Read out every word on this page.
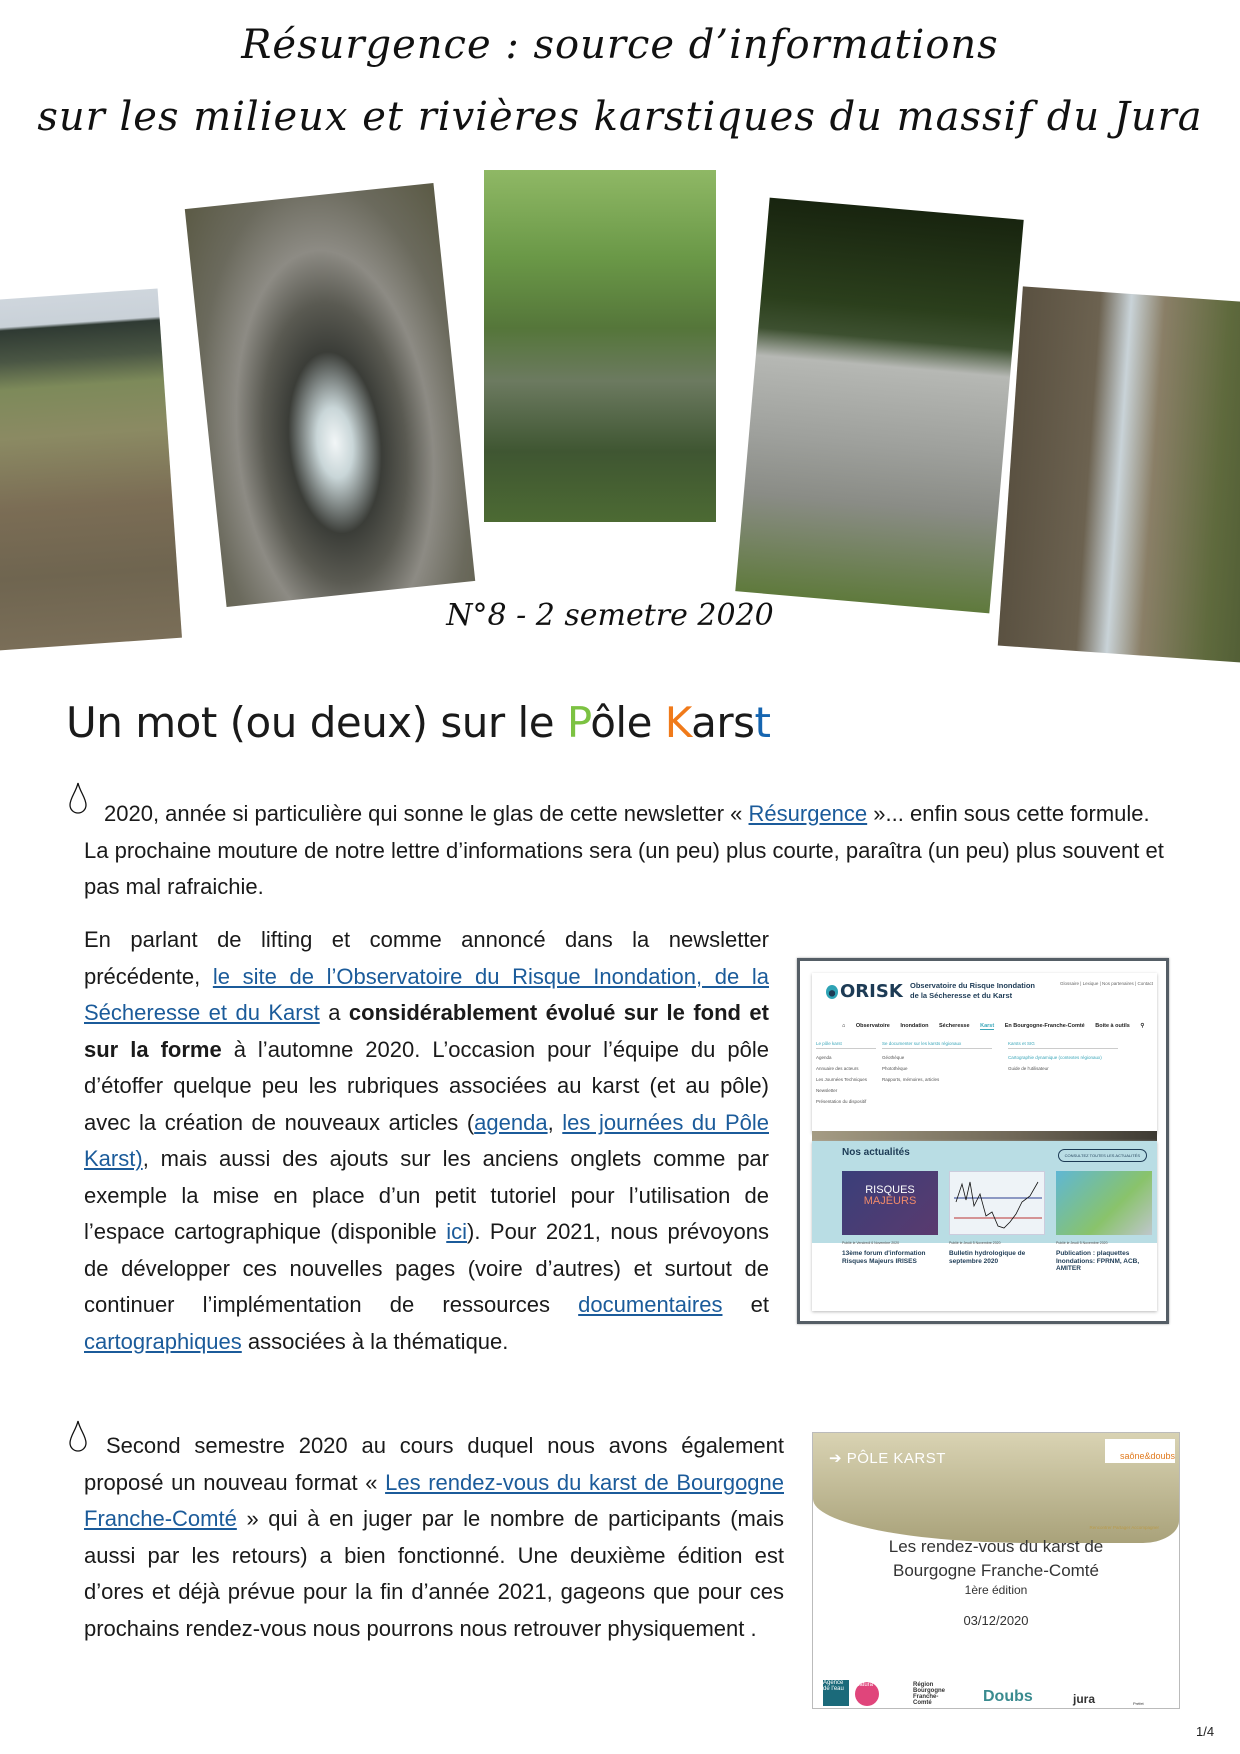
Résurgence : source d’informations
sur les milieux et rivières karstiques du massif du Jura
N°8 - 2 semetre 2020
Un mot (ou deux) sur le Pôle Karst
2020, année si particulière qui sonne le glas de cette newsletter « Résurgence »... enfin sous cette formule. La prochaine mouture de notre lettre d’informations sera (un peu) plus courte, paraîtra (un peu) plus souvent et pas mal rafraichie.
En parlant de lifting et comme annoncé dans la newsletter précédente, le site de l’Observatoire du Risque Inondation, de la Sécheresse et du Karst a considérablement évolué sur le fond et sur la forme à l’automne 2020. L’occasion pour l’équipe du pôle d’étoffer quelque peu les rubriques associées au karst (et au pôle) avec la création de nouveaux articles (agenda, les journées du Pôle Karst), mais aussi des ajouts sur les anciens onglets comme par exemple la mise en place d’un petit tutoriel pour l’utilisation de l’espace cartographique (disponible ici). Pour 2021, nous prévoyons de développer ces nouvelles pages (voire d’autres) et surtout de continuer l’implémentation de ressources documentaires et cartographiques associées à la thématique.
ORISK Observatoire du Risque Inondation
de la Sécheresse et du Karst
Glossaire | Lexique | Nos partenaires | Contact
⌂ Observatoire Inondation Sécheresse Karst En Bourgogne-Franche-Comté Boite à outils ⚲
Le pôle karst
Agenda
Annuaire des acteurs
Les Journées Techniques
Newsletter
Présentation du dispositif
Se documenter sur les karsts régionaux
Géothèque
Photothèque
Rapports, mémoires, articles
Karsts et SIG
Cartographie dynamique (contextes régionaux)
Guide de l'utilisateur
Nos actualités	CONSULTEZ TOUTES LES ACTUALITÉS
RISQUES
MAJEURS
Publié le Vendredi 6 Novembre 2020
13ème forum d'information Risques Majeurs IRISES
Publié le Jeudi 5 Novembre 2020
Bulletin hydrologique de septembre 2020
Publié le Jeudi 5 Novembre 2020
Publication : plaquettes Inondations: FPRNM, ACB, AMITER
Second semestre 2020 au cours duquel nous avons également proposé un nouveau format « Les rendez-vous du karst de Bourgogne Franche-Comté » qui à en juger par le nombre de participants (mais aussi par les retours) a bien fonctionné. Une deuxième édition est d’ores et déjà prévue pour la fin d’année 2021, gageons que pour ces prochains rendez-vous nous pourrons nous retrouver physiquement .
➔ PÔLE KARST	saône&doubs
Rencontrer Partager Accompagner
Les rendez-vous du karst de
Bourgogne Franche-Comté
1ère édition
03/12/2020
Agence de l'eau
Natura	Région Bourgogne Franche-Comté	Doubs	jura	Préfet
1/4
